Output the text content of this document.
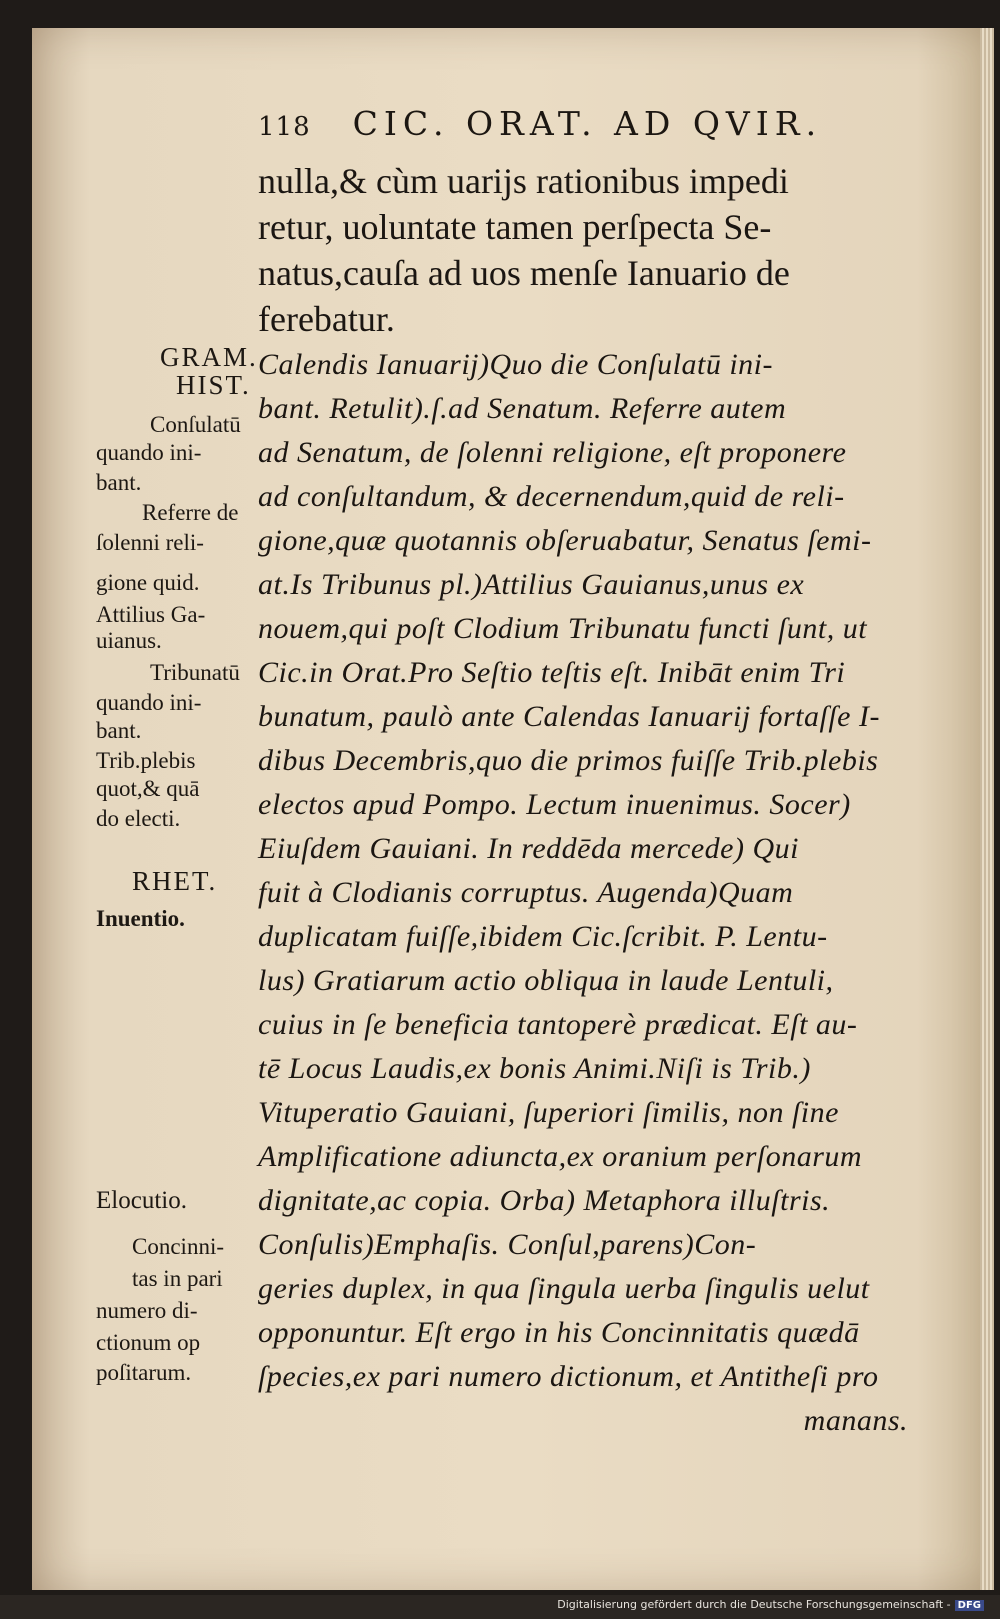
118 CIC. ORAT. AD QVIR.
nulla,& cùm uarijs rationibus impedi
retur, uoluntate tamen perſpecta Se-
natus,cauſa ad uos menſe Ianuario de
ferebatur.
Calendis Ianuarij)Quo die Conſulatū ini-
bant. Retulit).ſ.ad Senatum. Referre autem
ad Senatum, de ſolenni religione, eſt proponere
ad conſultandum, & decernendum,quid de reli-
gione,quæ quotannis obſeruabatur, Senatus ſemi-
at.Is Tribunus pl.)Attilius Gauianus,unus ex
nouem,qui poſt Clodium Tribunatu functi ſunt, ut
Cic.in Orat.Pro Seſtio teſtis eſt. Inibāt enim Tri
bunatum, paulò ante Calendas Ianuarij fortaſſe I-
dibus Decembris,quo die primos fuiſſe Trib.plebis
electos apud Pompo. Lectum inuenimus. Socer)
Eiuſdem Gauiani. In reddēda mercede) Qui
fuit à Clodianis corruptus. Augenda)Quam
duplicatam fuiſſe,ibidem Cic.ſcribit. P. Lentu-
lus) Gratiarum actio obliqua in laude Lentuli,
cuius in ſe beneficia tantoperè prædicat. Eſt au-
tē Locus Laudis,ex bonis Animi.Niſi is Trib.)
Vituperatio Gauiani, ſuperiori ſimilis, non ſine
Amplificatione adiuncta,ex oranium perſonarum
dignitate,ac copia. Orba) Metaphora illuſtris.
Conſulis)Emphaſis. Conſul,parens)Con-
geries duplex, in qua ſingula uerba ſingulis uelut
opponuntur. Eſt ergo in his Concinnitatis quædā
ſpecies,ex pari numero dictionum, et Antitheſi pro
manans.
GRAM.
HIST.
Conſulatū
quando ini-
bant.
Referre de
ſolenni reli-
gione quid.
Attilius Ga-
uianus.
Tribunatū
quando ini-
bant.
Trib.plebis
quot,& quā
do electi.
RHET.
Inuentio.
Elocutio.
Concinni-
tas in pari
numero di-
ctionum op
poſitarum.
Digitalisierung gefördert durch die Deutsche Forschungsgemeinschaft - DFG
